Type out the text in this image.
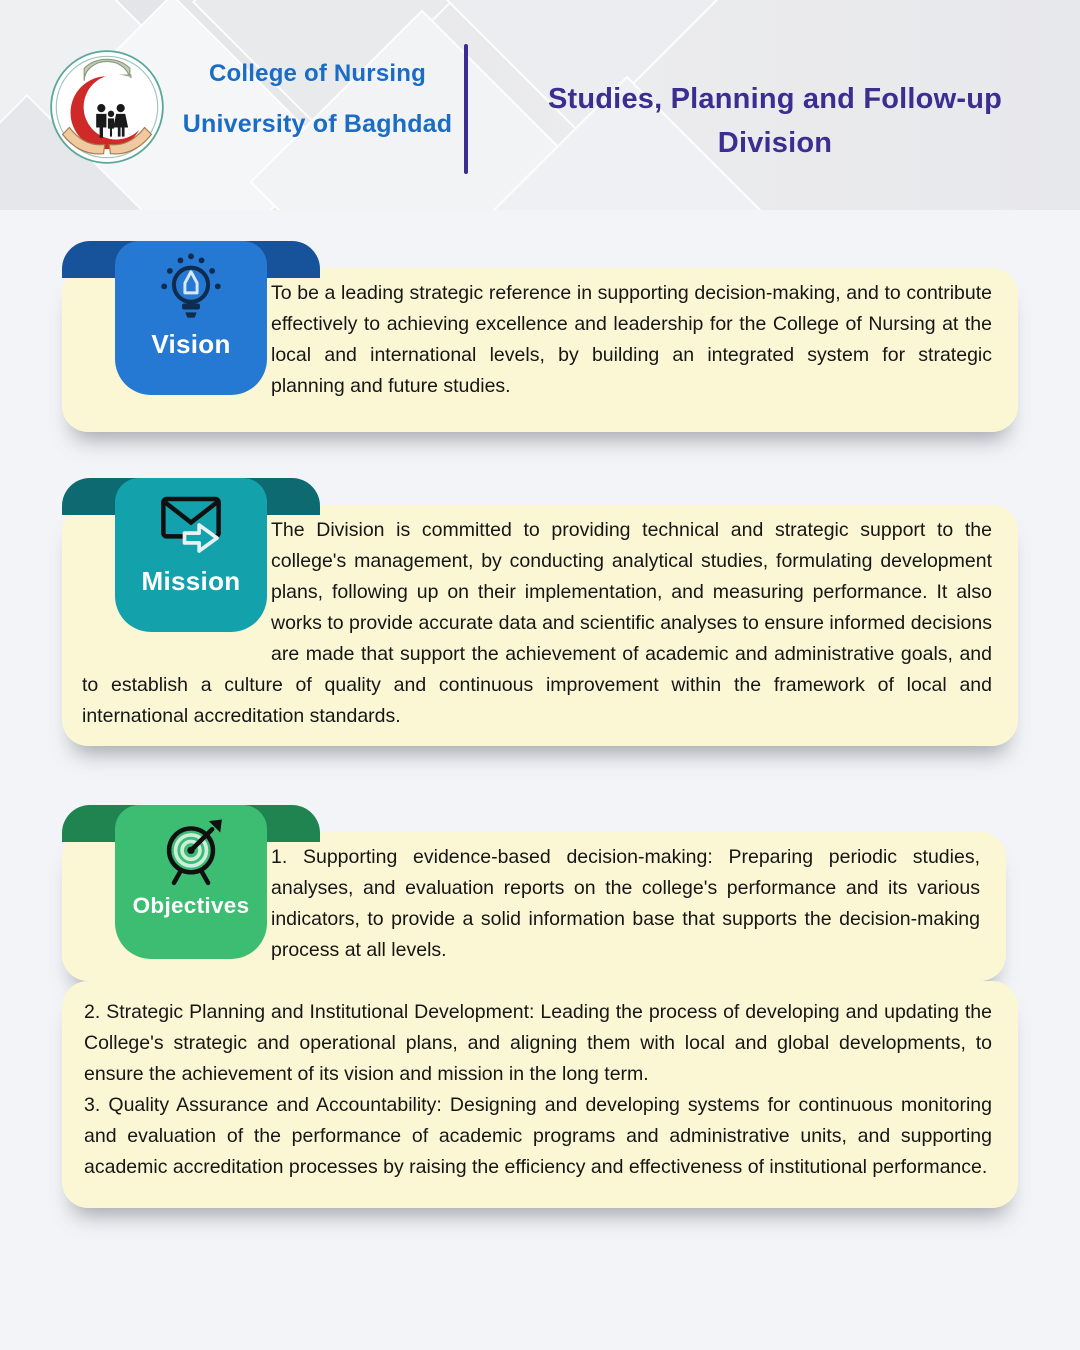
College of Nursing
University of Baghdad
Studies, Planning and Follow-up Division
Vision

To be a leading strategic reference in supporting decision-making, and to contribute effectively to achieving excellence and leadership for the College of Nursing at the local and international levels, by building an integrated system for strategic planning and future studies.

Mission

The Division is committed to providing technical and strategic support to the college's management, by conducting analytical studies, formulating development plans, following up on their implementation, and measuring performance. It also works to provide accurate data and scientific analyses to ensure informed decisions are made that support the achievement of academic and administrative goals, and to establish a culture of quality and continuous improvement within the framework of local and international accreditation standards.

Objectives

1. Supporting evidence-based decision-making: Preparing periodic studies, analyses, and evaluation reports on the college's performance and its various indicators, to provide a solid information base that supports the decision-making process at all levels.

2. Strategic Planning and Institutional Development: Leading the process of developing and updating the College's strategic and operational plans, and aligning them with local and global developments, to ensure the achievement of its vision and mission in the long term.

3. Quality Assurance and Accountability: Designing and developing systems for continuous monitoring and evaluation of the performance of academic programs and administrative units, and supporting academic accreditation processes by raising the efficiency and effectiveness of institutional performance.
